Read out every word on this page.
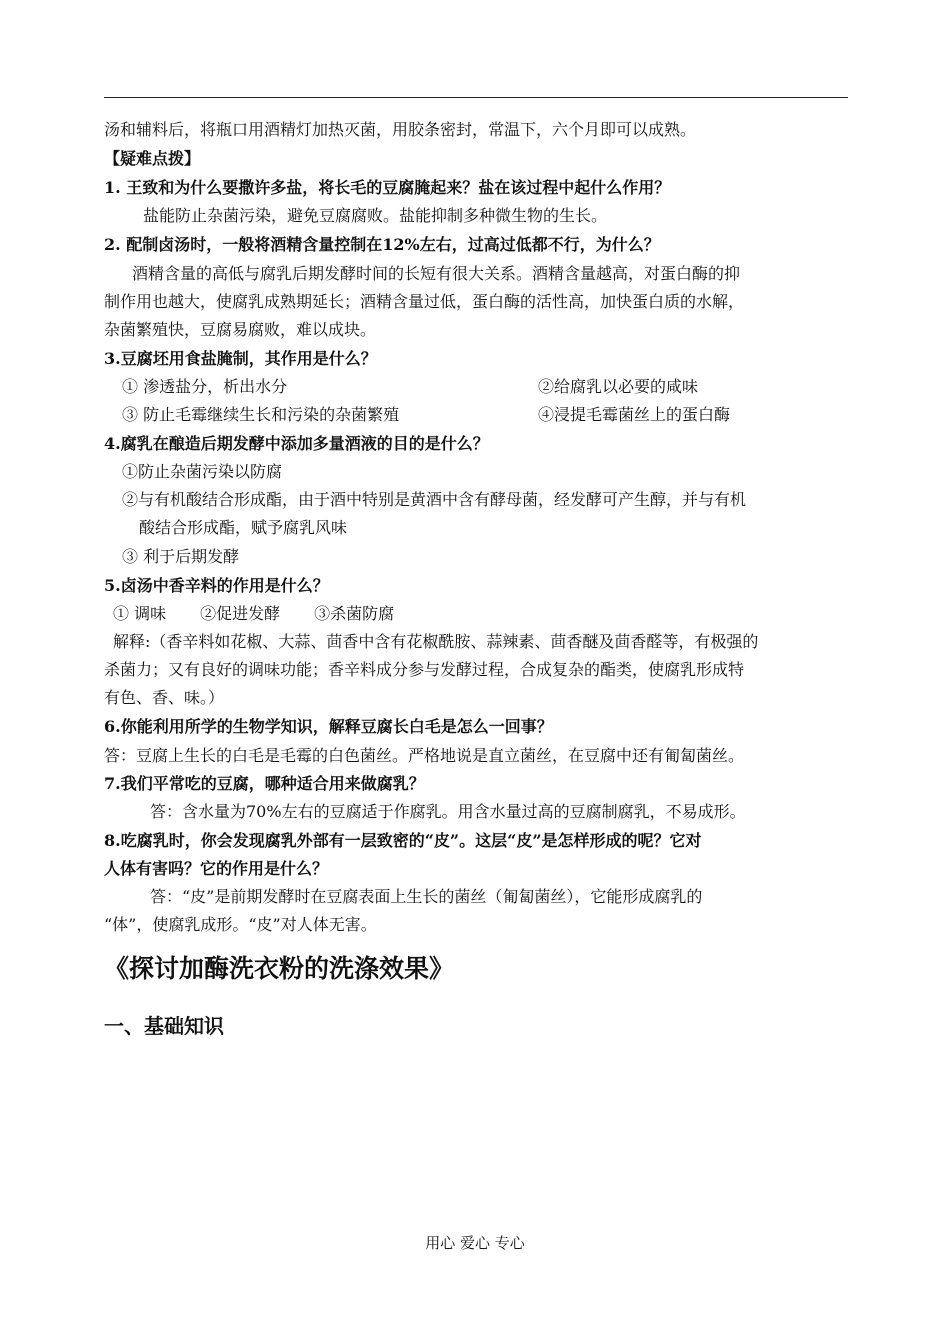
汤和辅料后，将瓶口用酒精灯加热灭菌，用胶条密封，常温下，六个月即可以成熟。
【疑难点拨】
1. 王致和为什么要撒许多盐，将长毛的豆腐腌起来？盐在该过程中起什么作用？
盐能防止杂菌污染，避免豆腐腐败。盐能抑制多种微生物的生长。
2. 配制卤汤时，一般将酒精含量控制在12%左右，过高过低都不行，为什么？
酒精含量的高低与腐乳后期发酵时间的长短有很大关系。酒精含量越高，对蛋白酶的抑
制作用也越大，使腐乳成熟期延长；酒精含量过低，蛋白酶的活性高，加快蛋白质的水解，
杂菌繁殖快，豆腐易腐败，难以成块。
3.豆腐坯用食盐腌制，其作用是什么？
① 渗透盐分，析出水分	②给腐乳以必要的咸味
③ 防止毛霉继续生长和污染的杂菌繁殖	④浸提毛霉菌丝上的蛋白酶
4.腐乳在酿造后期发酵中添加多量酒液的目的是什么？
①防止杂菌污染以防腐
②与有机酸结合形成酯，由于酒中特别是黄酒中含有酵母菌，经发酵可产生醇，并与有机
酸结合形成酯，赋予腐乳风味
③ 利于后期发酵
5.卤汤中香辛料的作用是什么？
① 调味 ②促进发酵 ③杀菌防腐
解释:（香辛料如花椒、大蒜、茴香中含有花椒酰胺、蒜辣素、茴香醚及茴香醛等，有极强的
杀菌力；又有良好的调味功能；香辛料成分参与发酵过程，合成复杂的酯类，使腐乳形成特
有色、香、味。）
6.你能利用所学的生物学知识，解释豆腐长白毛是怎么一回事？
答：豆腐上生长的白毛是毛霉的白色菌丝。严格地说是直立菌丝，在豆腐中还有匍匐菌丝。
7.我们平常吃的豆腐，哪种适合用来做腐乳？
答：含水量为70%左右的豆腐适于作腐乳。用含水量过高的豆腐制腐乳，不易成形。
8.吃腐乳时，你会发现腐乳外部有一层致密的“皮”。这层“皮”是怎样形成的呢？它对
人体有害吗？它的作用是什么？
答：“皮”是前期发酵时在豆腐表面上生长的菌丝（匍匐菌丝），它能形成腐乳的
“体”，使腐乳成形。“皮”对人体无害。
《探讨加酶洗衣粉的洗涤效果》
一、基础知识
用心 爱心 专心
